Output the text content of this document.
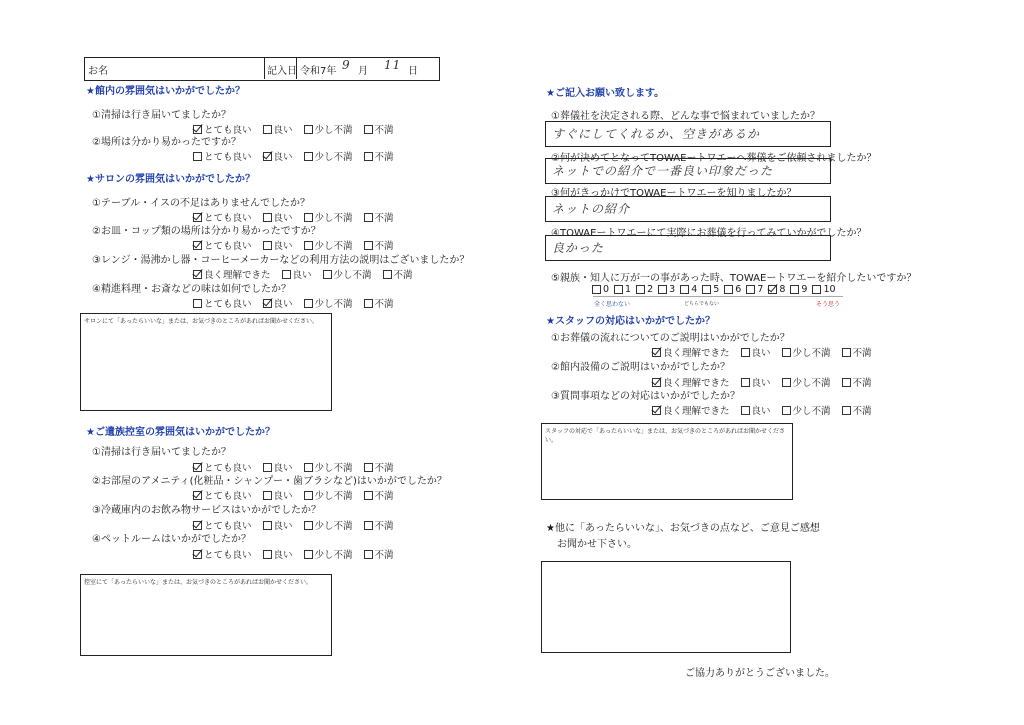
お名	記入日 令和7年 9 月	11 日
★館内の雰囲気はいかがでしたか？
①清掃は行き届いてましたか？
とても良い 良い 少し不満 不満
②場所は分かり易かったですか？
とても良い 良い 少し不満 不満
★サロンの雰囲気はいかがでしたか？
①テーブル・イスの不足はありませんでしたか？
とても良い 良い 少し不満 不満
②お皿・コップ類の場所は分かり易かったですか？
とても良い 良い 少し不満 不満
③レンジ・湯沸かし器・コーヒーメーカーなどの利用方法の説明はございましたか？
良く理解できた 良い 少し不満 不満
④精進料理・お斎などの味は如何でしたか？
とても良い 良い 少し不満 不満
サロンにて「あったらいいな」または、お気づきのところがあればお聞かせください。
★ご遺族控室の雰囲気はいかがでしたか？
①清掃は行き届いてましたか？
とても良い 良い 少し不満 不満
②お部屋のアメニティ(化粧品・シャンプー・歯ブラシなど)はいかがでしたか？
とても良い 良い 少し不満 不満
③冷蔵庫内のお飲み物サービスはいかがでしたか？
とても良い 良い 少し不満 不満
④ペットルームはいかがでしたか？
とても良い 良い 少し不満 不満
控室にて「あったらいいな」または、お気づきのところがあればお聞かせください。
★ご記入お願い致します。
①葬儀社を決定される際、どんな事で悩まれていましたか？
すぐにしてくれるか、空きがあるか
②何が決めてとなってTOWAEートワエーへ葬儀をご依頼されましたか？
ネットでの紹介で一番良い印象だった
③何がきっかけでTOWAEートワエーを知りましたか？
ネットの紹介
④TOWAEートワエーにて実際にお葬儀を行ってみていかがでしたか？
良かった
⑤親族・知人に万が一の事があった時、TOWAEートワエーを紹介したいですか？
0 1 2 3 4 5 6 7 8 9 10
全く思わない	どちらでもない	そう思う
★スタッフの対応はいかがでしたか？
①お葬儀の流れについてのご説明はいかがでしたか？
良く理解できた 良い 少し不満 不満
②館内設備のご説明はいかがでしたか？
良く理解できた 良い 少し不満 不満
③質問事項などの対応はいかがでしたか？
良く理解できた 良い 少し不満 不満
スタッフの対応で「あったらいいな」または、お気づきのところがあればお聞かせください。
★他に「あったらいいな」、お気づきの点など、ご意見ご感想
お聞かせ下さい。
ご協力ありがとうございました。
